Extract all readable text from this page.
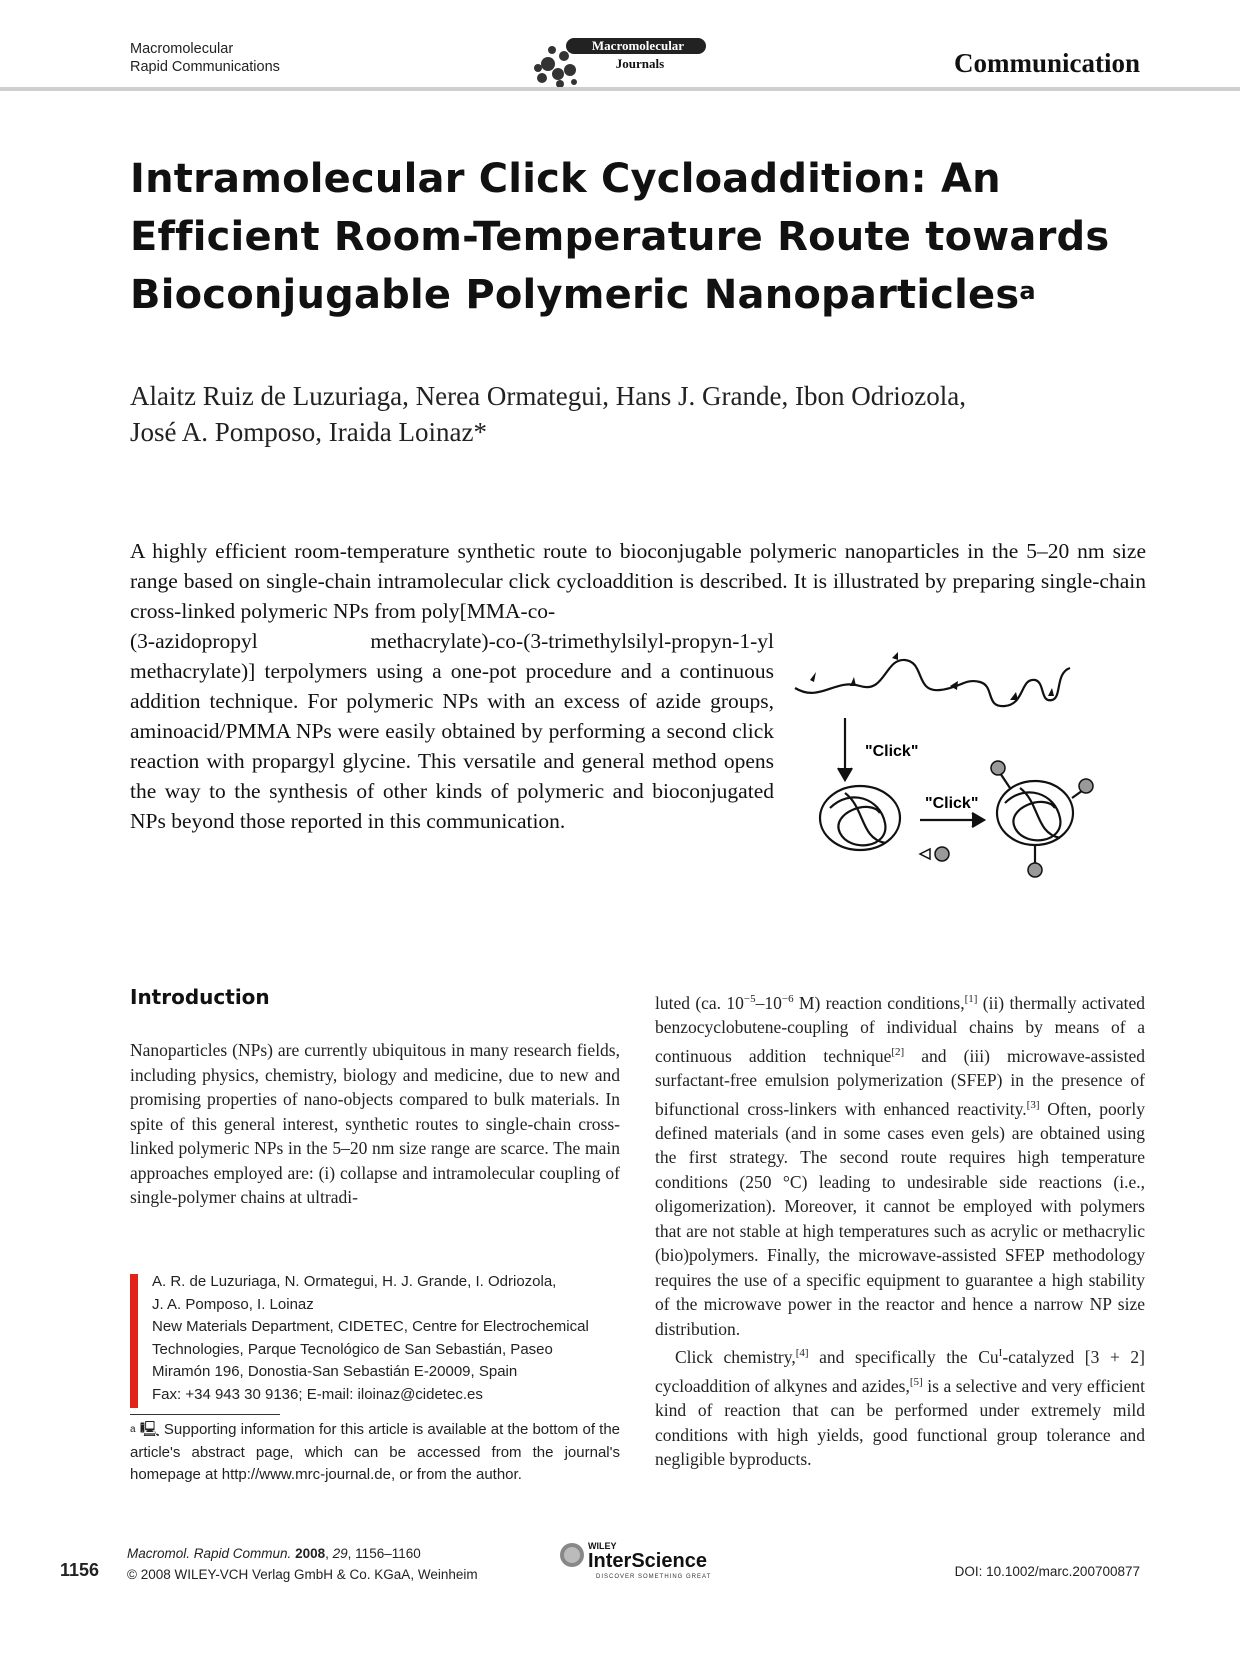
Macromolecular
Rapid Communications
Macromolecular
Journals	Communication
Intramolecular Click Cycloaddition: An Efficient Room-Temperature Route towards Bioconjugable Polymeric Nanoparticles$^a$
Alaitz Ruiz de Luzuriaga, Nerea Ormategui, Hans J. Grande, Ibon Odriozola,
José A. Pomposo, Iraida Loinaz*
A highly efficient room-temperature synthetic route to bioconjugable polymeric nanoparticles in the 5–20 nm size range based on single-chain intramolecular click cycloaddition is described. It is illustrated by preparing single-chain cross-linked polymeric NPs from poly[MMA-co-
(3-azidopropyl methacrylate)-co-(3-trimethylsilyl-propyn-1-yl methacrylate)] terpolymers using a one-pot procedure and a continuous addition technique. For polymeric NPs with an excess of azide groups, aminoacid/PMMA NPs were easily obtained by performing a second click reaction with propargyl glycine. This versatile and general method opens the way to the synthesis of other kinds of polymeric and bioconjugated NPs beyond those reported in this communication.
"Click"
"Click"
Introduction
Nanoparticles (NPs) are currently ubiquitous in many research fields, including physics, chemistry, biology and medicine, due to new and promising properties of nano-objects compared to bulk materials. In spite of this general interest, synthetic routes to single-chain cross-linked polymeric NPs in the 5–20 nm size range are scarce. The main approaches employed are: (i) collapse and intramolecular coupling of single-polymer chains at ultradi-

luted (ca. 10$^{-5}$–10$^{-6}$ M) reaction conditions,[1] (ii) thermally activated benzocyclobutene-coupling of individual chains by means of a continuous addition technique[2] and (iii) microwave-assisted surfactant-free emulsion polymerization (SFEP) in the presence of bifunctional cross-linkers with enhanced reactivity.[3] Often, poorly defined materials (and in some cases even gels) are obtained using the first strategy. The second route requires high temperature conditions (250 °C) leading to undesirable side reactions (i.e., oligomerization). Moreover, it cannot be employed with polymers that are not stable at high temperatures such as acrylic or methacrylic (bio)polymers. Finally, the microwave-assisted SFEP methodology requires the use of a specific equipment to guarantee a high stability of the microwave power in the reactor and hence a narrow NP size distribution.

Click chemistry,[4] and specifically the Cu$^I$-catalyzed [3 + 2] cycloaddition of alkynes and azides,[5] is a selective and very efficient kind of reaction that can be performed under extremely mild conditions with high yields, good functional group tolerance and negligible byproducts.

A. R. de Luzuriaga, N. Ormategui, H. J. Grande, I. Odriozola,
J. A. Pomposo, I. Loinaz
New Materials Department, CIDETEC, Centre for Electrochemical
Technologies, Parque Tecnológico de San Sebastián, Paseo
Miramón 196, Donostia-San Sebastián E-20009, Spain
Fax: +34 943 30 9136; E-mail: iloinaz@cidetec.es
$^a$ 🖳 Supporting information for this article is available at the bottom of the article's abstract page, which can be accessed from the journal's homepage at http://www.mrc-journal.de, or from the author.
1156
Macromol. Rapid Commun. 2008, 29, 1156–1160
© 2008 WILEY-VCH Verlag GmbH & Co. KGaA, Weinheim
WILEY
InterScience
DISCOVER SOMETHING GREAT	DOI: 10.1002/marc.200700877
